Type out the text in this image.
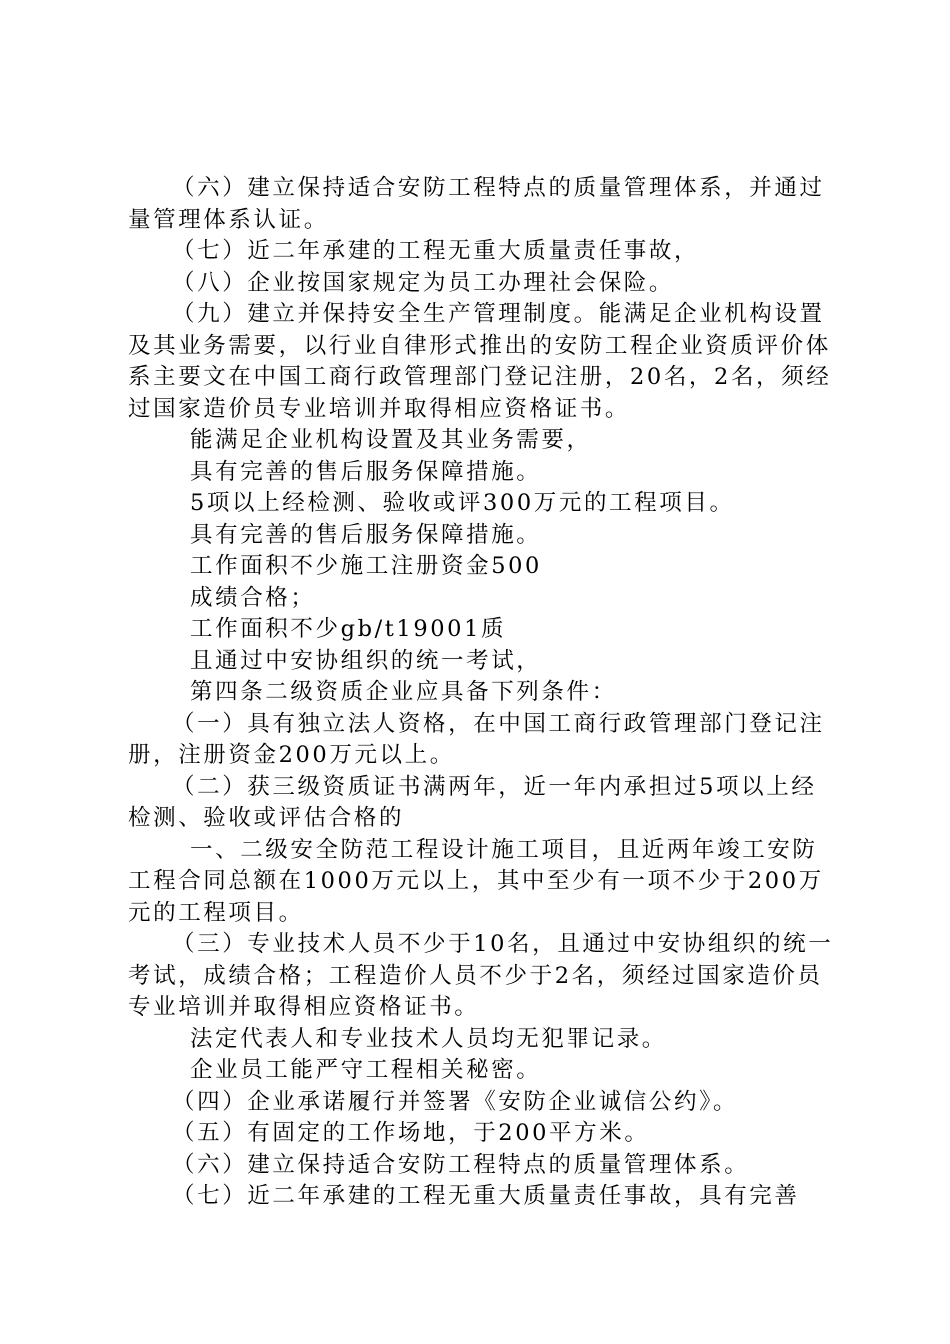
（六）建立保持适合安防工程特点的质量管理体系，并通过量管理体系认证。

（七）近二年承建的工程无重大质量责任事故，

（八）企业按国家规定为员工办理社会保险。

（九）建立并保持安全生产管理制度。能满足企业机构设置及其业务需要，以行业自律形式推出的安防工程企业资质评价体系主要文在中国工商行政管理部门登记注册，20名，2名，须经过国家造价员专业培训并取得相应资格证书。

能满足企业机构设置及其业务需要，

具有完善的售后服务保障措施。

5项以上经检测、验收或评300万元的工程项目。

具有完善的售后服务保障措施。

工作面积不少施工注册资金500

成绩合格；

工作面积不少gb/t19001质

且通过中安协组织的统一考试，

第四条二级资质企业应具备下列条件：

（一）具有独立法人资格，在中国工商行政管理部门登记注册，注册资金200万元以上。

（二）获三级资质证书满两年，近一年内承担过5项以上经检测、验收或评估合格的

一、二级安全防范工程设计施工项目，且近两年竣工安防工程合同总额在1000万元以上，其中至少有一项不少于200万元的工程项目。

（三）专业技术人员不少于10名，且通过中安协组织的统一考试，成绩合格；工程造价人员不少于2名，须经过国家造价员专业培训并取得相应资格证书。

法定代表人和专业技术人员均无犯罪记录。

企业员工能严守工程相关秘密。

（四）企业承诺履行并签署《安防企业诚信公约》。

（五）有固定的工作场地，于200平方米。

（六）建立保持适合安防工程特点的质量管理体系。

（七）近二年承建的工程无重大质量责任事故，具有完善
